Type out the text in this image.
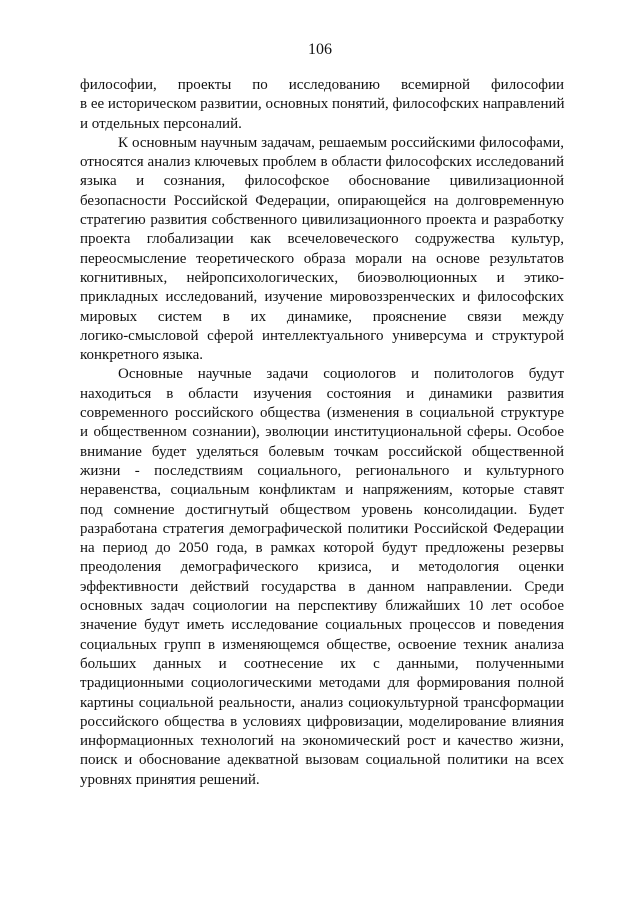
106
философии, проекты по исследованию всемирной философии
в ее историческом развитии, основных понятий, философских направлений
и отдельных персоналий.
К основным научным задачам, решаемым российскими философами,
относятся анализ ключевых проблем в области философских исследований
языка и сознания, философское обоснование цивилизационной
безопасности Российской Федерации, опирающейся на долговременную
стратегию развития собственного цивилизационного проекта и разработку
проекта глобализации как всечеловеческого содружества культур,
переосмысление теоретического образа морали на основе результатов
когнитивных, нейропсихологических, биоэволюционных и этико-
прикладных исследований, изучение мировоззренческих и философских
мировых систем в их динамике, прояснение связи между
логико-смысловой сферой интеллектуального универсума и структурой
конкретного языка.
Основные научные задачи социологов и политологов будут
находиться в области изучения состояния и динамики развития
современного российского общества (изменения в социальной структуре
и общественном сознании), эволюции институциональной сферы. Особое
внимание будет уделяться болевым точкам российской общественной
жизни - последствиям социального, регионального и культурного
неравенства, социальным конфликтам и напряжениям, которые ставят
под сомнение достигнутый обществом уровень консолидации. Будет
разработана стратегия демографической политики Российской Федерации
на период до 2050 года, в рамках которой будут предложены резервы
преодоления демографического кризиса, и методология оценки
эффективности действий государства в данном направлении. Среди
основных задач социологии на перспективу ближайших 10 лет особое
значение будут иметь исследование социальных процессов и поведения
социальных групп в изменяющемся обществе, освоение техник анализа
больших данных и соотнесение их с данными, полученными
традиционными социологическими методами для формирования полной
картины социальной реальности, анализ социокультурной трансформации
российского общества в условиях цифровизации, моделирование влияния
информационных технологий на экономический рост и качество жизни,
поиск и обоснование адекватной вызовам социальной политики на всех
уровнях принятия решений.
